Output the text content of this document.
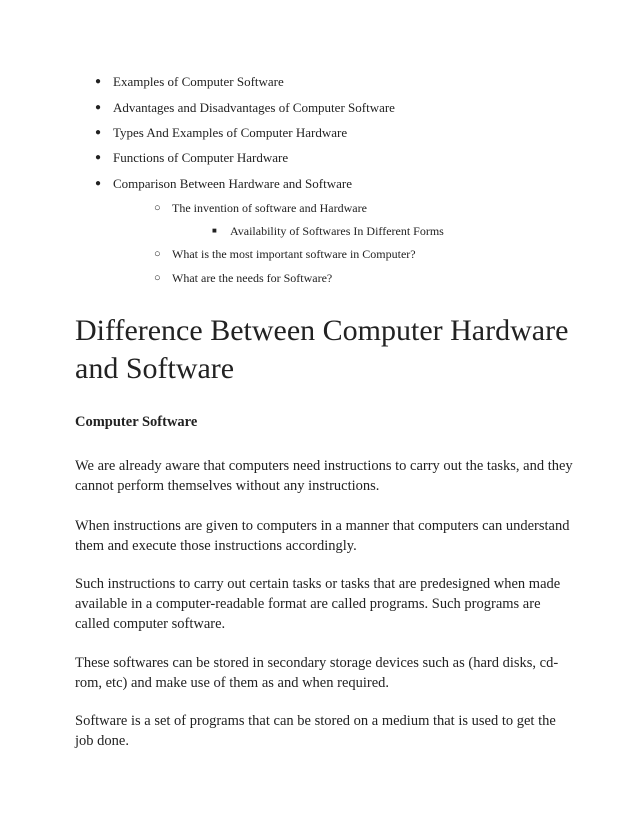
● Examples of Computer Software
● Advantages and Disadvantages of Computer Software
● Types And Examples of Computer Hardware
● Functions of Computer Hardware
● Comparison Between Hardware and Software
○ The invention of software and Hardware
■ Availability of Softwares In Different Forms
○ What is the most important software in Computer?
○ What are the needs for Software?
Difference Between Computer Hardware and Software
Computer Software

We are already aware that computers need instructions to carry out the tasks, and they cannot perform themselves without any instructions.

When instructions are given to computers in a manner that computers can understand them and execute those instructions accordingly.

Such instructions to carry out certain tasks or tasks that are predesigned when made available in a computer-readable format are called programs. Such programs are called computer software.

These softwares can be stored in secondary storage devices such as (hard disks, cd-rom, etc) and make use of them as and when required.

Software is a set of programs that can be stored on a medium that is used to get the job done.
